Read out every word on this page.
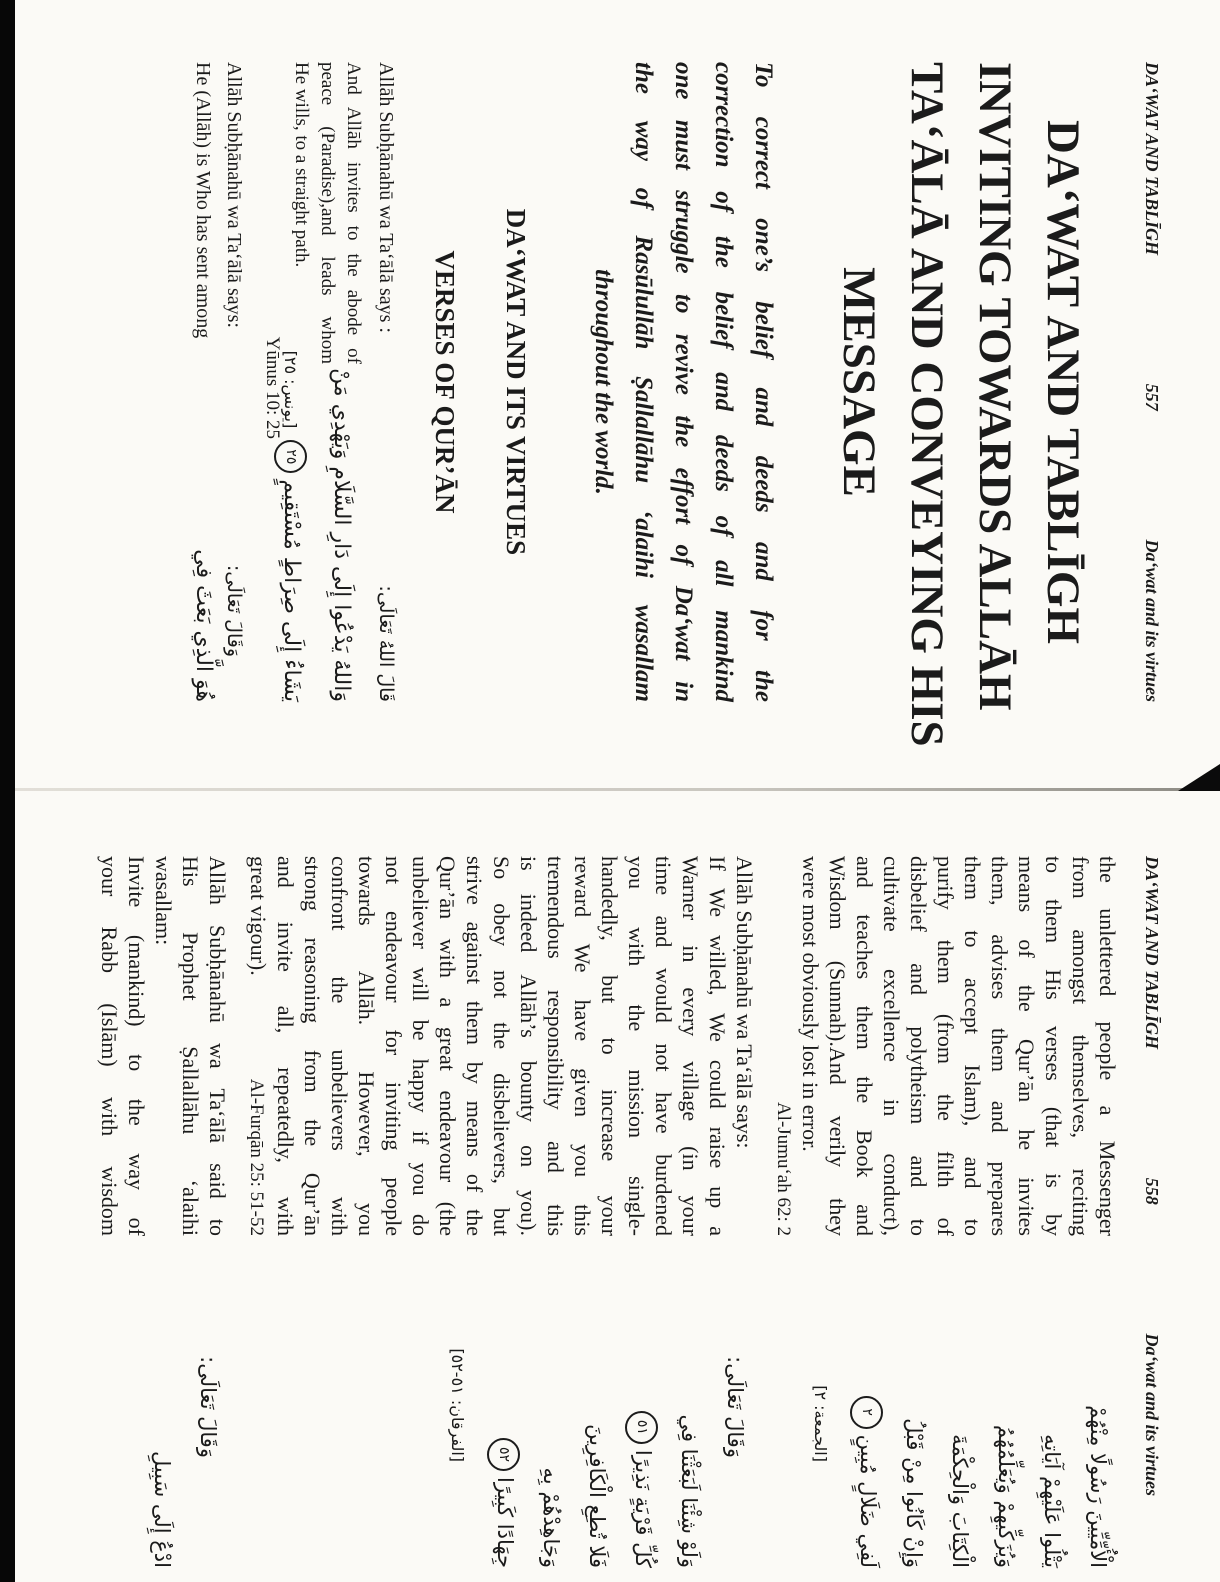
DA‘WAT AND TABLĪGH
557
Da‘wat and its virtues
DA‘WAT AND TABLĪGH
INVITING TOWARDS ALLĀH
TA‘ĀLĀ AND CONVEYING HIS
MESSAGE
To correct one’s belief and deeds and for the
correction of the belief and deeds of all mankind
one must struggle to revive the effort of Da‘wat in
the way of Rasūlullāh Ṣallallāhu ‘alaihi wasallam
throughout the world.
DA‘WAT AND ITS VIRTUES
VERSES OF QUR’ĀN
Allāh Subḥānahū wa Ta‘ālā says :
قَالَ اللهُ تَعَالَى:
And Allāh invites to the abode of
peace (Paradise),and leads whom
He wills, to a straight path.
Yūnus 10: 25	وَاللهُ يَدْعُوا إِلَى دَارِ السَّلَامِ وَيَهْدِي مَنْ
يَشَاءُ إِلَى صِرَاطٍ مُسْتَقِيمٍ٢٥[يونس: ٢٥]
Allāh Subḥānahū wa Ta‘ālā says:
وَقَالَ تَعَالَى:
He (Allāh) is Who has sent among
هُوَ الَّذِي بَعَثَ فِي
DA‘WAT AND TABLĪGH
558
Da‘wat and its virtues
the unlettered people a Messenger
from amongst themselves, reciting
to them His verses (that is by
means of the Qur’ān he invites
them, advises them and prepares
them to accept Islam), and to
purify them (from the filth of
disbelief and polytheism and to
cultivate excellence in conduct),
and teaches them the Book and
Wisdom (Sunnah).And verily they
were most obviously lost in error.
Al-Jumu‘ah 62: 2
الْأُمِّيِّينَ رَسُولًا مِنْهُمْ
يَتْلُوا عَلَيْهِمْ آيَاتِهِ
وَيُزَكِّيهِمْ وَيُعَلِّمُهُمُ
الْكِتَابَ وَالْحِكْمَةَ
وَإِنْ كَانُوا مِنْ قَبْلُ
لَفِي ضَلَالٍ مُبِينٍ٢
[الجمعة: ٢]
Allāh Subḥānahū wa Ta‘ālā says:
If We willed, We could raise up a
Warner in every village (in your
time and would not have burdened
you with the mission single-
handedly, but to increase your
reward We have given you this
tremendous responsibility and this
is indeed Allāh’s bounty on you).
So obey not the disbelievers, but
strive against them by means of the
Qur’ān with a great endeavour (the
unbeliever will be happy if you do
not endeavour for inviting people
towards Allāh. However, you
confront the unbelievers with
strong reasoning from the Qur’ān
and invite all, repeatedly, with
great vigour).
Al-Furqān 25: 51-52
وَقَالَ تَعَالَى:
وَلَوْ شِئْنَا لَبَعَثْنَا فِي
كُلِّ قَرْيَةٍ نَذِيرًا٥١
فَلَا تُطِعِ الْكَافِرِينَ
وَجَاهِدْهُمْ بِهِ
جِهَادًا كَبِيرًا٥٢
[الفرقان: ٥١-٥٢]
Allāh Subḥānahū wa Ta‘ālā said to
His Prophet Ṣallallāhu ‘alaihi
wasallam:
Invite (mankind) to the way of
your Rabb (Islām) with wisdom
وَقَالَ تَعَالَى:
ادْعُ إِلَى سَبِيلِ
